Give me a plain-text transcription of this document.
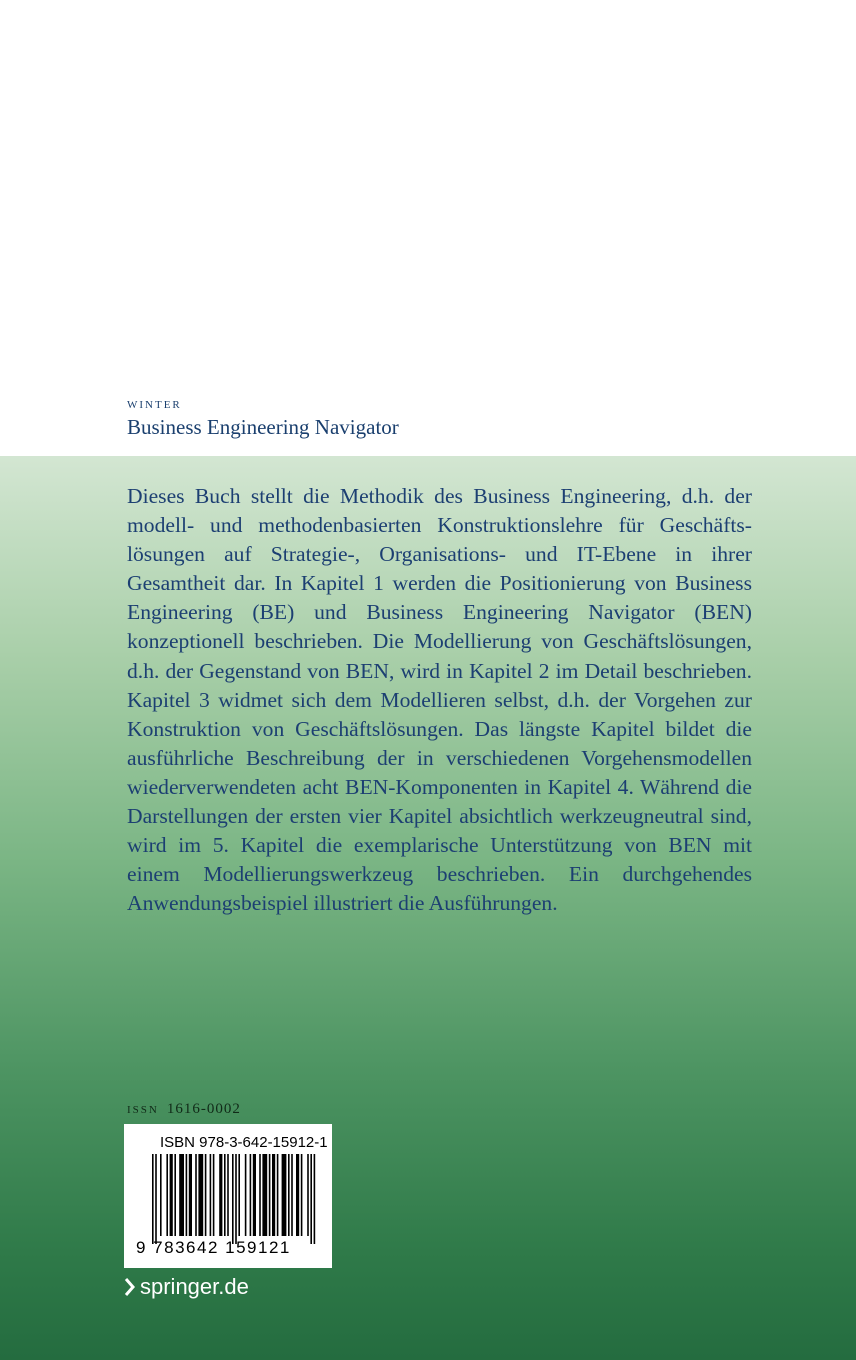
winter
Business Engineering Navigator

Dieses Buch stellt die Methodik des Business Engineering, d.h. der modell- und methodenbasierten Konstruktionslehre für Geschäftslösungen auf Strategie-, Organisations- und IT-Ebene in ihrer Gesamtheit dar. In Kapitel 1 werden die Positionierung von Business Engineering (BE) und Business Engineering Navigator (BEN) konzeptionell beschrieben. Die Modellierung von Geschäftslösungen, d.h. der Gegenstand von BEN, wird in Kapitel 2 im Detail beschrieben. Kapitel 3 widmet sich dem Modellieren selbst, d.h. der Vorgehen zur Konstruktion von Geschäftslösungen. Das längste Kapitel bildet die ausführliche Beschreibung der in verschiedenen Vorgehensmodellen wiederverwendeten acht BEN-Komponenten in Kapitel 4. Während die Darstellungen der ersten vier Kapitel absichtlich werkzeugneutral sind, wird im 5. Kapitel die exemplarische Unterstützung von BEN mit einem Modellierungswerkzeug beschrieben. Ein durchgehendes Anwendungsbeispiel illustriert die Ausführungen.

issn 1616-0002
ISBN 978-3-642-15912-1
9 783642 159121
springer.de
